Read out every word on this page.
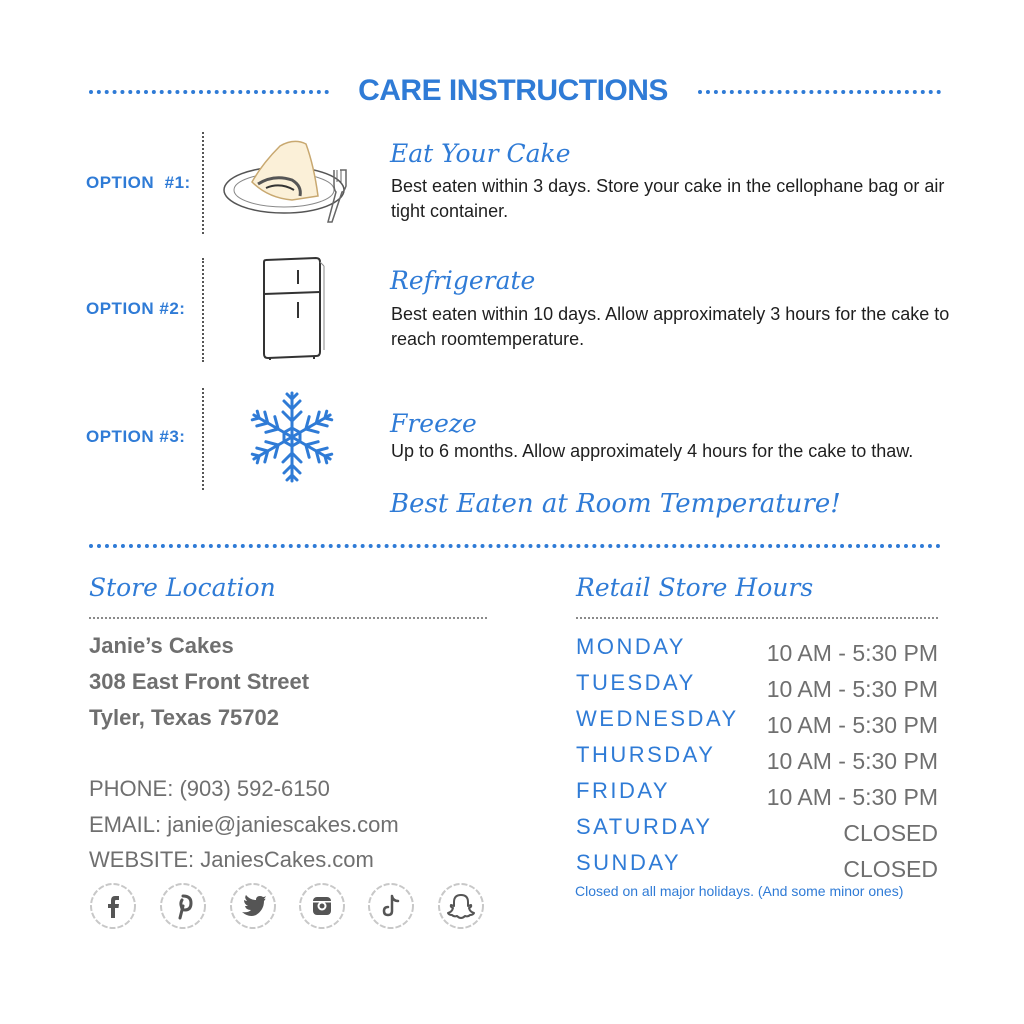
CARE INSTRUCTIONS
OPTION  #1:
Eat Your Cake
Best eaten within 3 days. Store your cake in the cellophane bag or air tight container.
OPTION #2:
Refrigerate
Best eaten within 10 days. Allow approximately 3 hours for the cake to reach roomtemperature.
OPTION #3:	Freeze
Up to 6 months. Allow approximately 4 hours for the cake to thaw.
Best Eaten at Room Temperature!
Store Location
Janie’s Cakes
308 East Front Street
Tyler, Texas 75702
PHONE: (903) 592-6150
EMAIL: janie@janiescakes.com
WEBSITE: JaniesCakes.com
Retail Store Hours
MONDAY	10 AM - 5:30 PM
TUESDAY	10 AM - 5:30 PM
WEDNESDAY 10 AM - 5:30 PM
THURSDAY 10 AM - 5:30 PM
FRIDAY	10 AM - 5:30 PM
SATURDAY	CLOSED
SUNDAY	CLOSED
Closed on all major holidays. (And some minor ones)
